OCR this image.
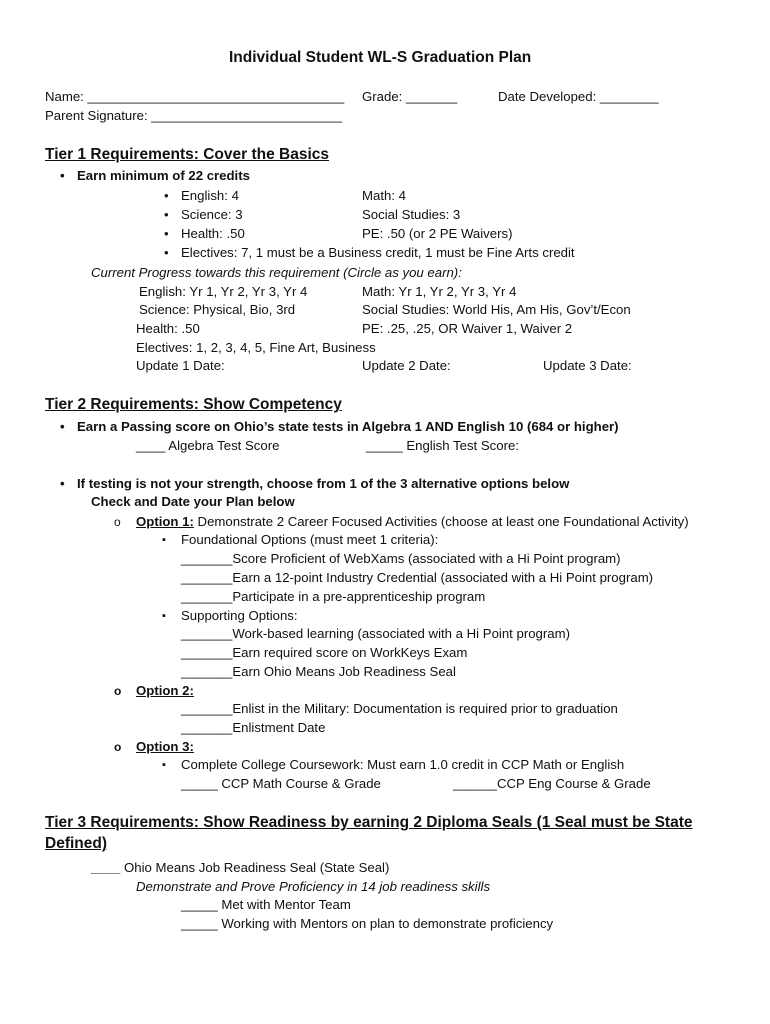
Individual Student WL-S Graduation Plan
Name: ___________________________________ Grade: _______	Date Developed: ________
Parent Signature: __________________________
Tier 1 Requirements: Cover the Basics
• Earn minimum of 22 credits
• English: 4	Math: 4
• Science: 3	Social Studies: 3
• Health: .50	PE: .50 (or 2 PE Waivers)
• Electives: 7, 1 must be a Business credit, 1 must be Fine Arts credit
Current Progress towards this requirement (Circle as you earn):
English: Yr 1, Yr 2, Yr 3, Yr 4	Math: Yr 1, Yr 2, Yr 3, Yr 4
Science: Physical, Bio, 3rd	Social Studies: World His, Am His, Gov’t/Econ
Health: .50	PE: .25, .25, OR Waiver 1, Waiver 2
Electives: 1, 2, 3, 4, 5, Fine Art, Business
Update 1 Date:	Update 2 Date:	Update 3 Date:
Tier 2 Requirements: Show Competency
• Earn a Passing score on Ohio’s state tests in Algebra 1 AND English 10 (684 or higher)
____ Algebra Test Score	_____ English Test Score:
• If testing is not your strength, choose from 1 of the 3 alternative options below
Check and Date your Plan below
o Option 1: Demonstrate 2 Career Focused Activities (choose at least one Foundational Activity)
▪ Foundational Options (must meet 1 criteria):
_______Score Proficient of WebXams (associated with a Hi Point program)
_______Earn a 12-point Industry Credential (associated with a Hi Point program)
_______Participate in a pre-apprenticeship program
▪ Supporting Options:
_______Work-based learning (associated with a Hi Point program)
_______Earn required score on WorkKeys Exam
_______Earn Ohio Means Job Readiness Seal
o Option 2:
_______Enlist in the Military: Documentation is required prior to graduation
_______Enlistment Date
o Option 3:
▪ Complete College Coursework: Must earn 1.0 credit in CCP Math or English
_____ CCP Math Course & Grade	______CCP Eng Course & Grade
Tier 3 Requirements: Show Readiness by earning 2 Diploma Seals (1 Seal must be State
Defined)
____ Ohio Means Job Readiness Seal (State Seal)
Demonstrate and Prove Proficiency in 14 job readiness skills
_____ Met with Mentor Team
_____ Working with Mentors on plan to demonstrate proficiency
